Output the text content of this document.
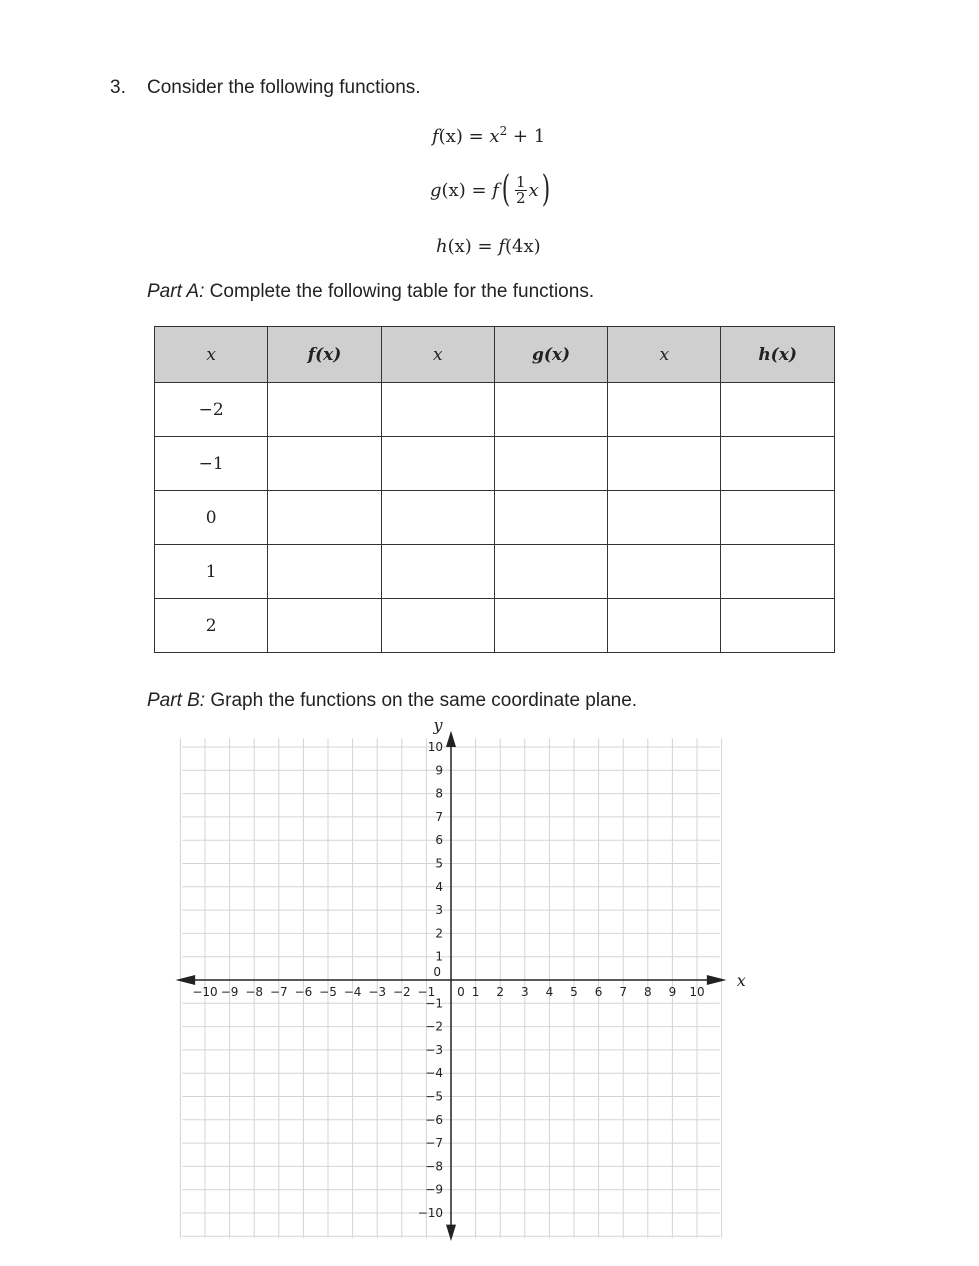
3. Consider the following functions.
$f(x) = x^2 + 1$
g (x) = f ( $\frac{1}{2}$ x )
h(x) = f(4x)
Part A: Complete the following table for the functions.
x	f(x)	x	g(x)	x	h(x)
−2					
−1					
0					
1					
2					
Part B: Graph the functions on the same coordinate plane.
−10 −9 −8 −7 −6 −5 −4 −3 −2 −1 0 1 2 3 4 5 6 7 8 9 10
1
2
3
4
5
6
7
8
9
10
0
−1
−2
−3
−4
−5
−6
−7
−8
−9
−10
x
y
